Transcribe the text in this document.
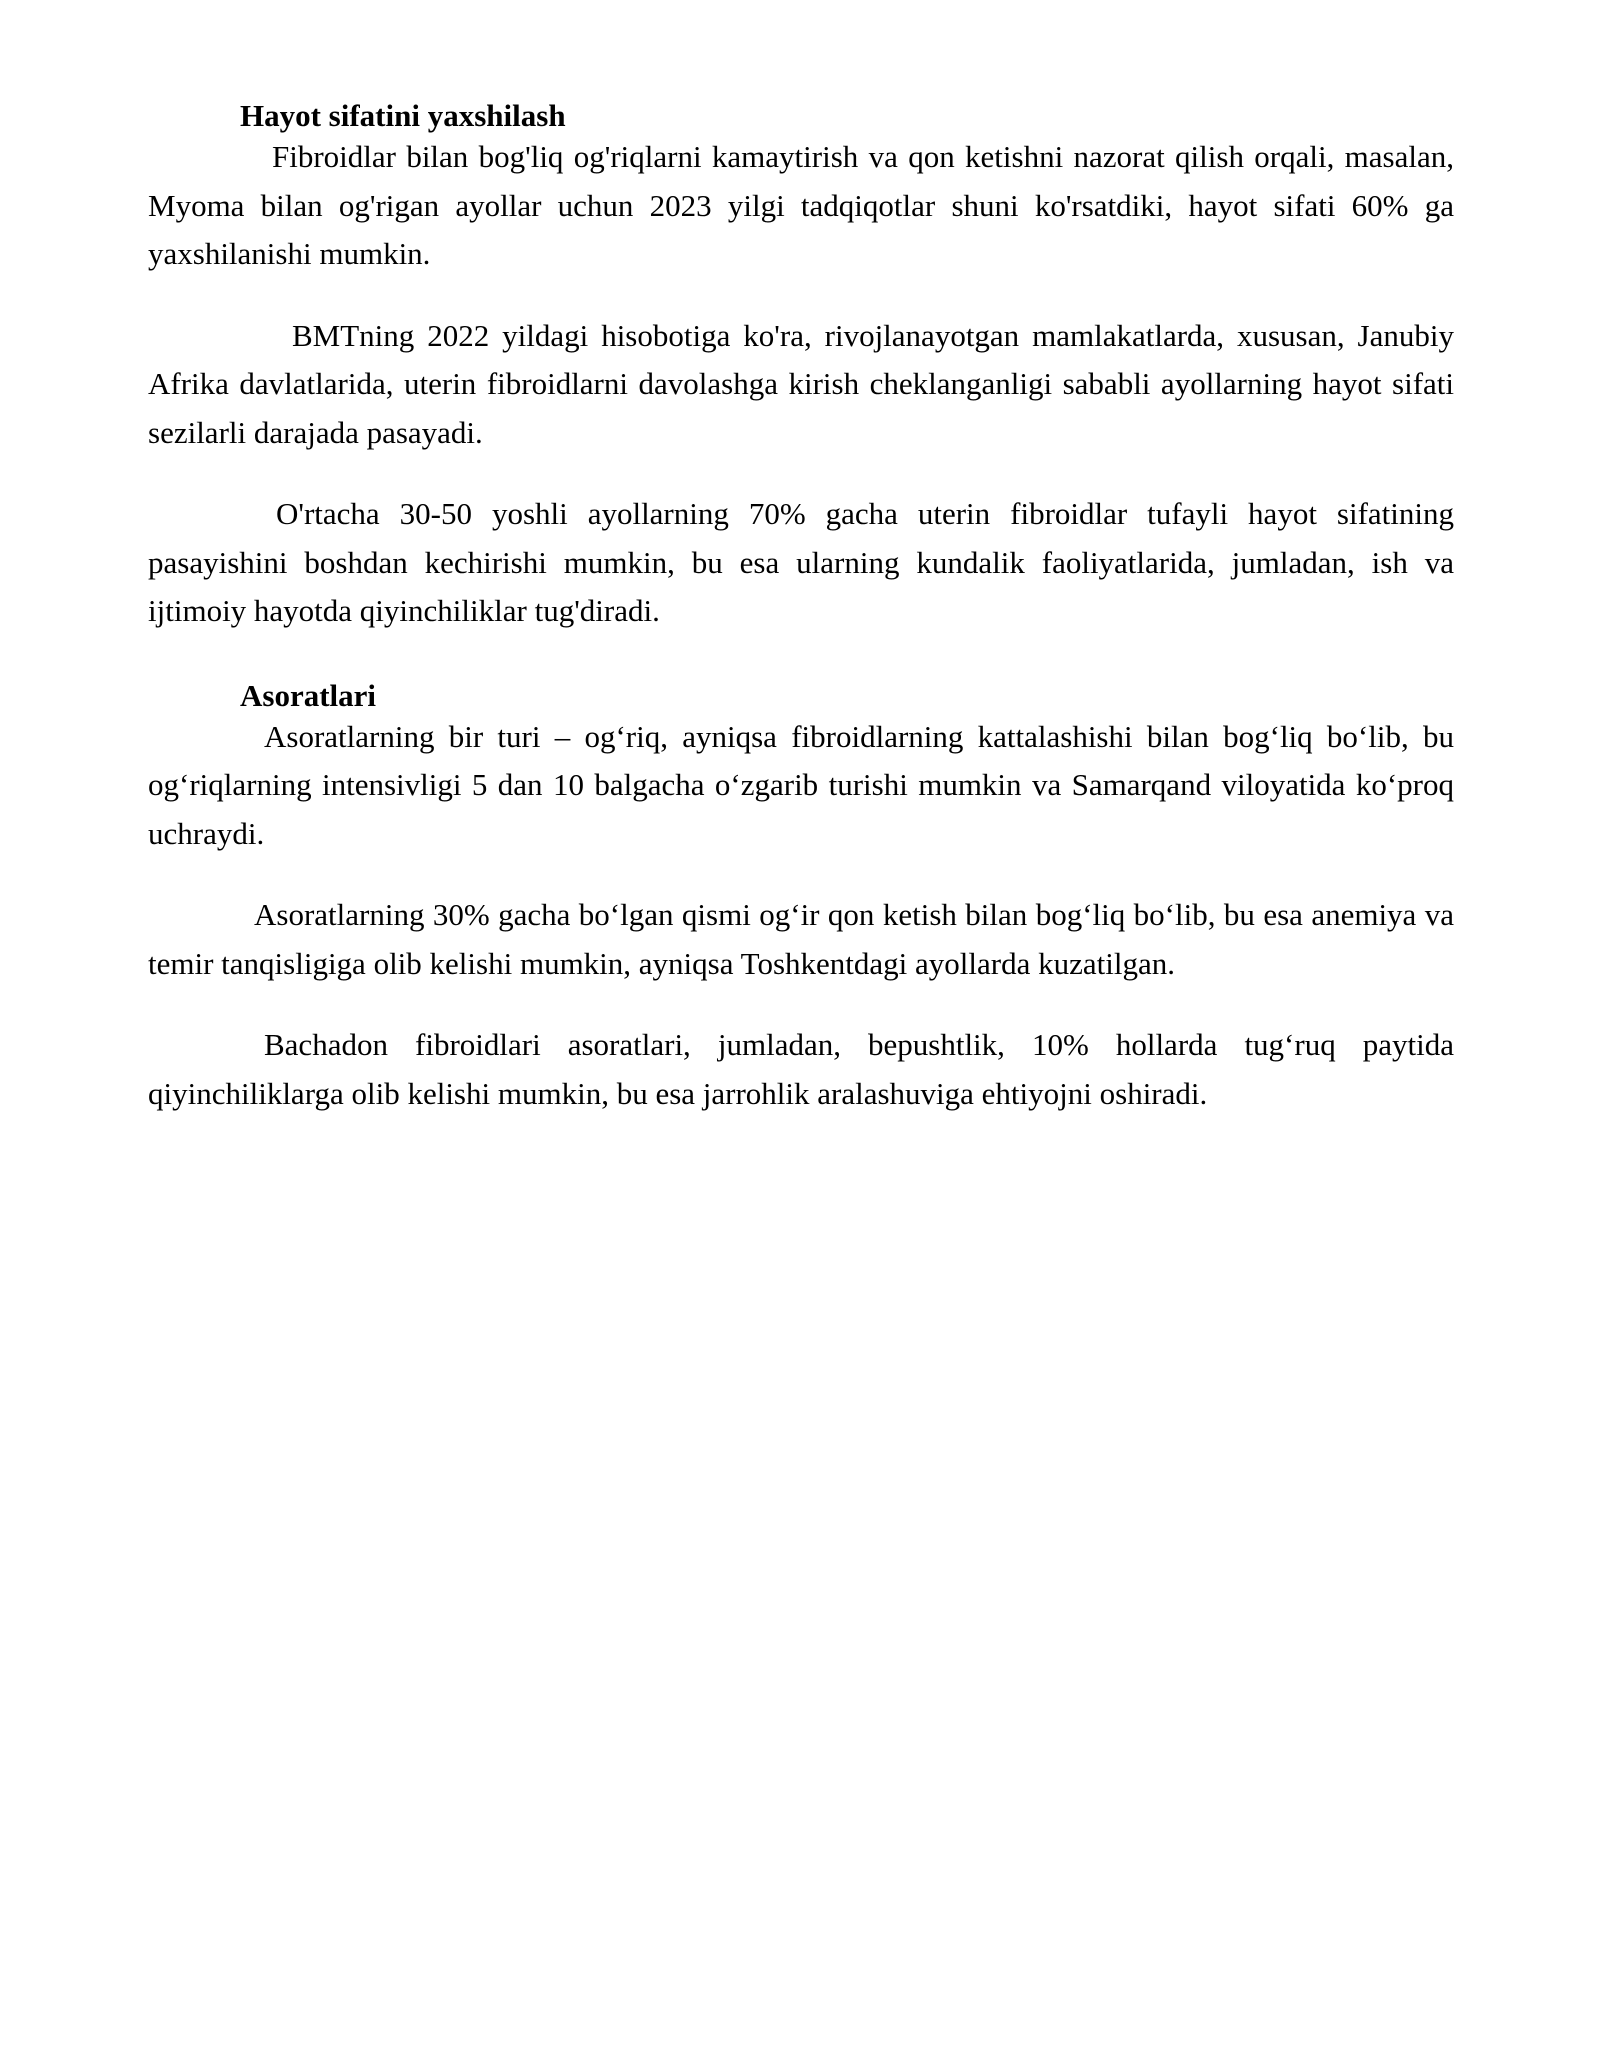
Hayot sifatini yaxshilash

Fibroidlar bilan bog'liq og'riqlarni kamaytirish va qon ketishni nazorat qilish orqali, masalan, Myoma bilan og'rigan ayollar uchun 2023 yilgi tadqiqotlar shuni ko'rsatdiki, hayot sifati 60% ga yaxshilanishi mumkin.

BMTning 2022 yildagi hisobotiga ko'ra, rivojlanayotgan mamlakatlarda, xususan, Janubiy Afrika davlatlarida, uterin fibroidlarni davolashga kirish cheklanganligi sababli ayollarning hayot sifati sezilarli darajada pasayadi.

O'rtacha 30-50 yoshli ayollarning 70% gacha uterin fibroidlar tufayli hayot sifatining pasayishini boshdan kechirishi mumkin, bu esa ularning kundalik faoliyatlarida, jumladan, ish va ijtimoiy hayotda qiyinchiliklar tug'diradi.

Asoratlari

Asoratlarning bir turi – og‘riq, ayniqsa fibroidlarning kattalashishi bilan bog‘liq bo‘lib, bu og‘riqlarning intensivligi 5 dan 10 balgacha o‘zgarib turishi mumkin va Samarqand viloyatida ko‘proq uchraydi.

Asoratlarning 30% gacha bo‘lgan qismi og‘ir qon ketish bilan bog‘liq bo‘lib, bu esa anemiya va temir tanqisligiga olib kelishi mumkin, ayniqsa Toshkentdagi ayollarda kuzatilgan.

Bachadon fibroidlari asoratlari, jumladan, bepushtlik, 10% hollarda tug‘ruq paytida qiyinchiliklarga olib kelishi mumkin, bu esa jarrohlik aralashuviga ehtiyojni oshiradi.
